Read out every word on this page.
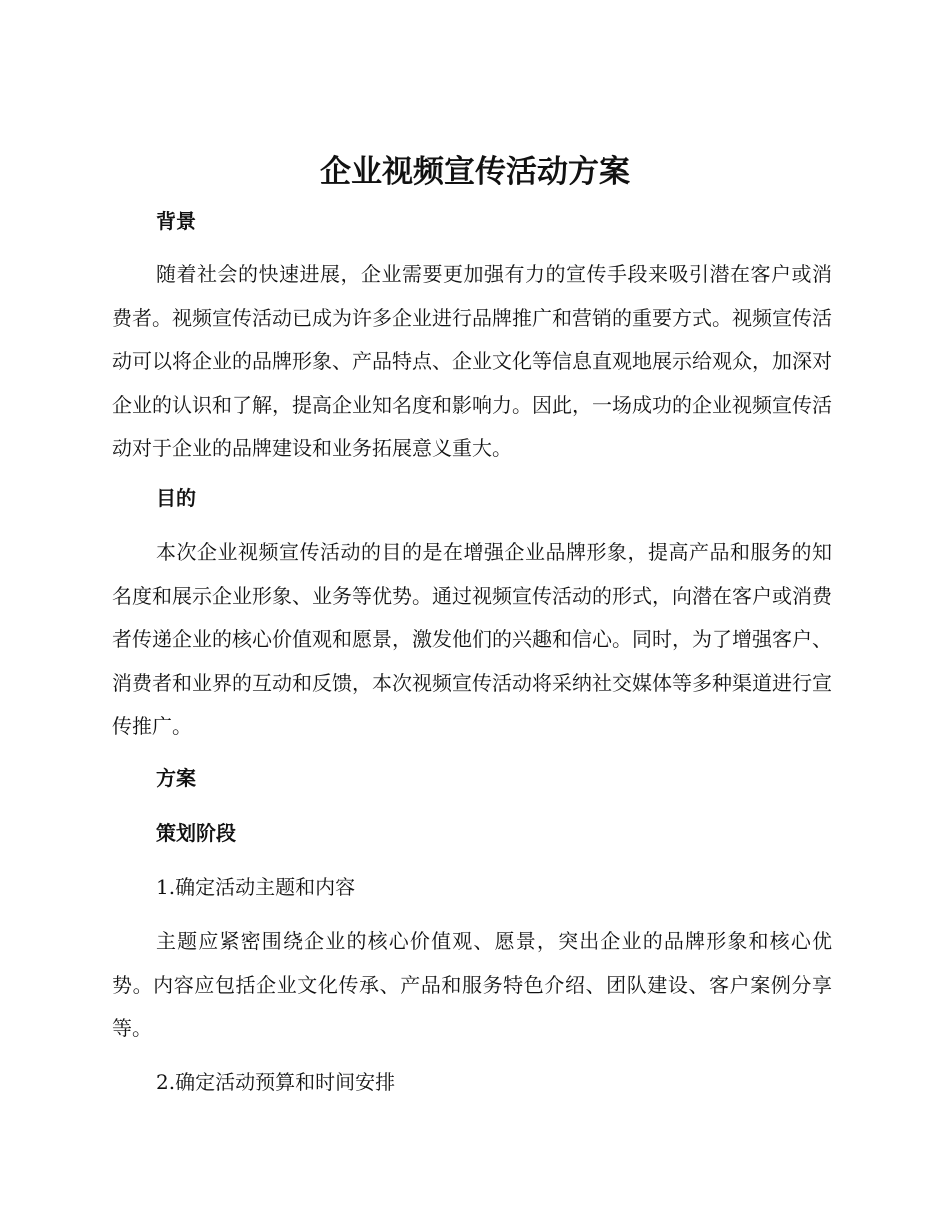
企业视频宣传活动方案
背景

随着社会的快速进展，企业需要更加强有力的宣传手段来吸引潜在客户或消费者。视频宣传活动已成为许多企业进行品牌推广和营销的重要方式。视频宣传活动可以将企业的品牌形象、产品特点、企业文化等信息直观地展示给观众，加深对企业的认识和了解，提高企业知名度和影响力。因此，一场成功的企业视频宣传活动对于企业的品牌建设和业务拓展意义重大。

目的

本次企业视频宣传活动的目的是在增强企业品牌形象，提高产品和服务的知名度和展示企业形象、业务等优势。通过视频宣传活动的形式，向潜在客户或消费者传递企业的核心价值观和愿景，激发他们的兴趣和信心。同时，为了增强客户、消费者和业界的互动和反馈，本次视频宣传活动将采纳社交媒体等多种渠道进行宣传推广。

方案
策划阶段

1.确定活动主题和内容

主题应紧密围绕企业的核心价值观、愿景，突出企业的品牌形象和核心优势。内容应包括企业文化传承、产品和服务特色介绍、团队建设、客户案例分享等。

2.确定活动预算和时间安排
